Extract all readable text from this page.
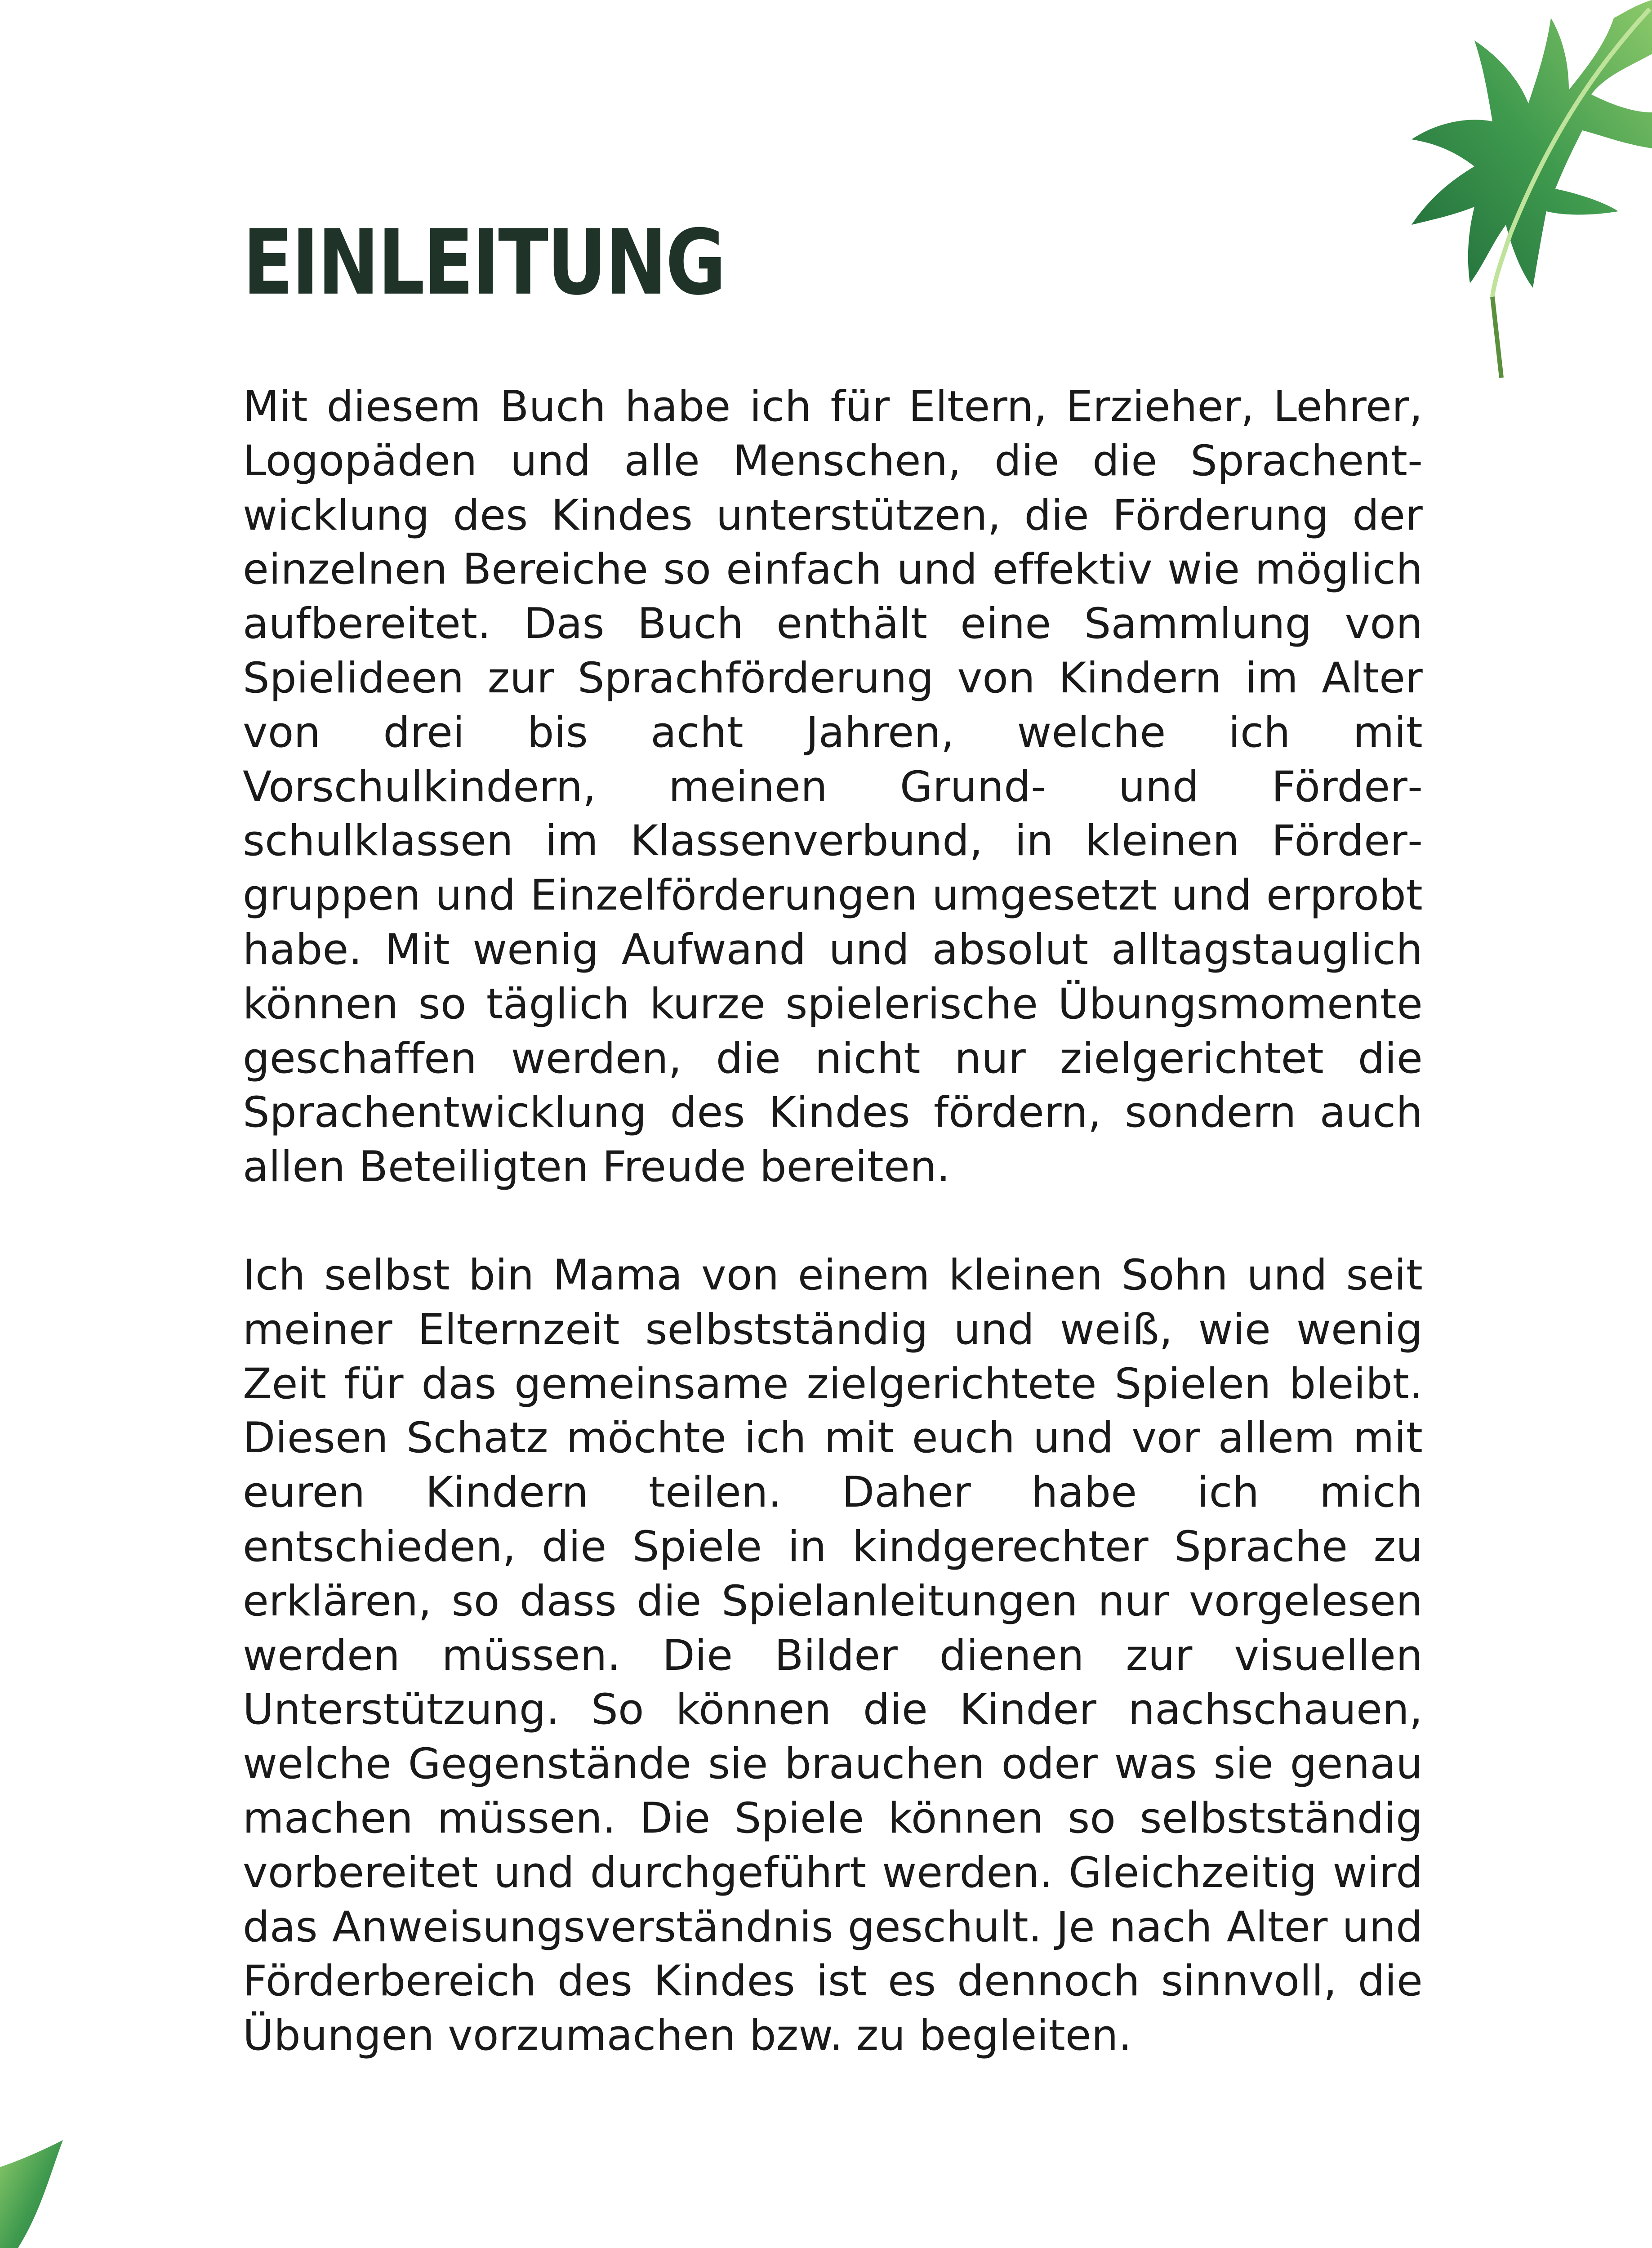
EINLEITUNG

Mit diesem Buch habe ich für Eltern, Erzieher, Lehrer, Logopäden und alle Menschen, die die Sprachentwicklung des Kindes unterstützen, die Förderung der einzelnen Bereiche so einfach und effektiv wie möglich aufbereitet. Das Buch enthält eine Sammlung von Spielideen zur Sprachförderung von Kindern im Alter von drei bis acht Jahren, welche ich mit Vorschulkindern, meinen Grund- und Förderschulklassen im Klassenverbund, in kleinen Fördergruppen und Einzelförderungen umgesetzt und erprobt habe. Mit wenig Aufwand und absolut alltagstauglich können so täglich kurze spielerische Übungsmomente geschaffen werden, die nicht nur zielgerichtet die Sprachentwicklung des Kindes fördern, sondern auch allen Beteiligten Freude bereiten.

Ich selbst bin Mama von einem kleinen Sohn und seit meiner Elternzeit selbstständig und weiß, wie wenig Zeit für das gemeinsame zielgerichtete Spielen bleibt. Diesen Schatz möchte ich mit euch und vor allem mit euren Kindern teilen. Daher habe ich mich entschieden, die Spiele in kindgerechter Sprache zu erklären, so dass die Spielanleitungen nur vorgelesen werden müssen. Die Bilder dienen zur visuellen Unterstützung. So können die Kinder nachschauen, welche Gegenstände sie brauchen oder was sie genau machen müssen. Die Spiele können so selbstständig vorbereitet und durchgeführt werden. Gleichzeitig wird das Anweisungsverständnis geschult. Je nach Alter und Förderbereich des Kindes ist es dennoch sinnvoll, die Übungen vorzumachen bzw. zu begleiten.
